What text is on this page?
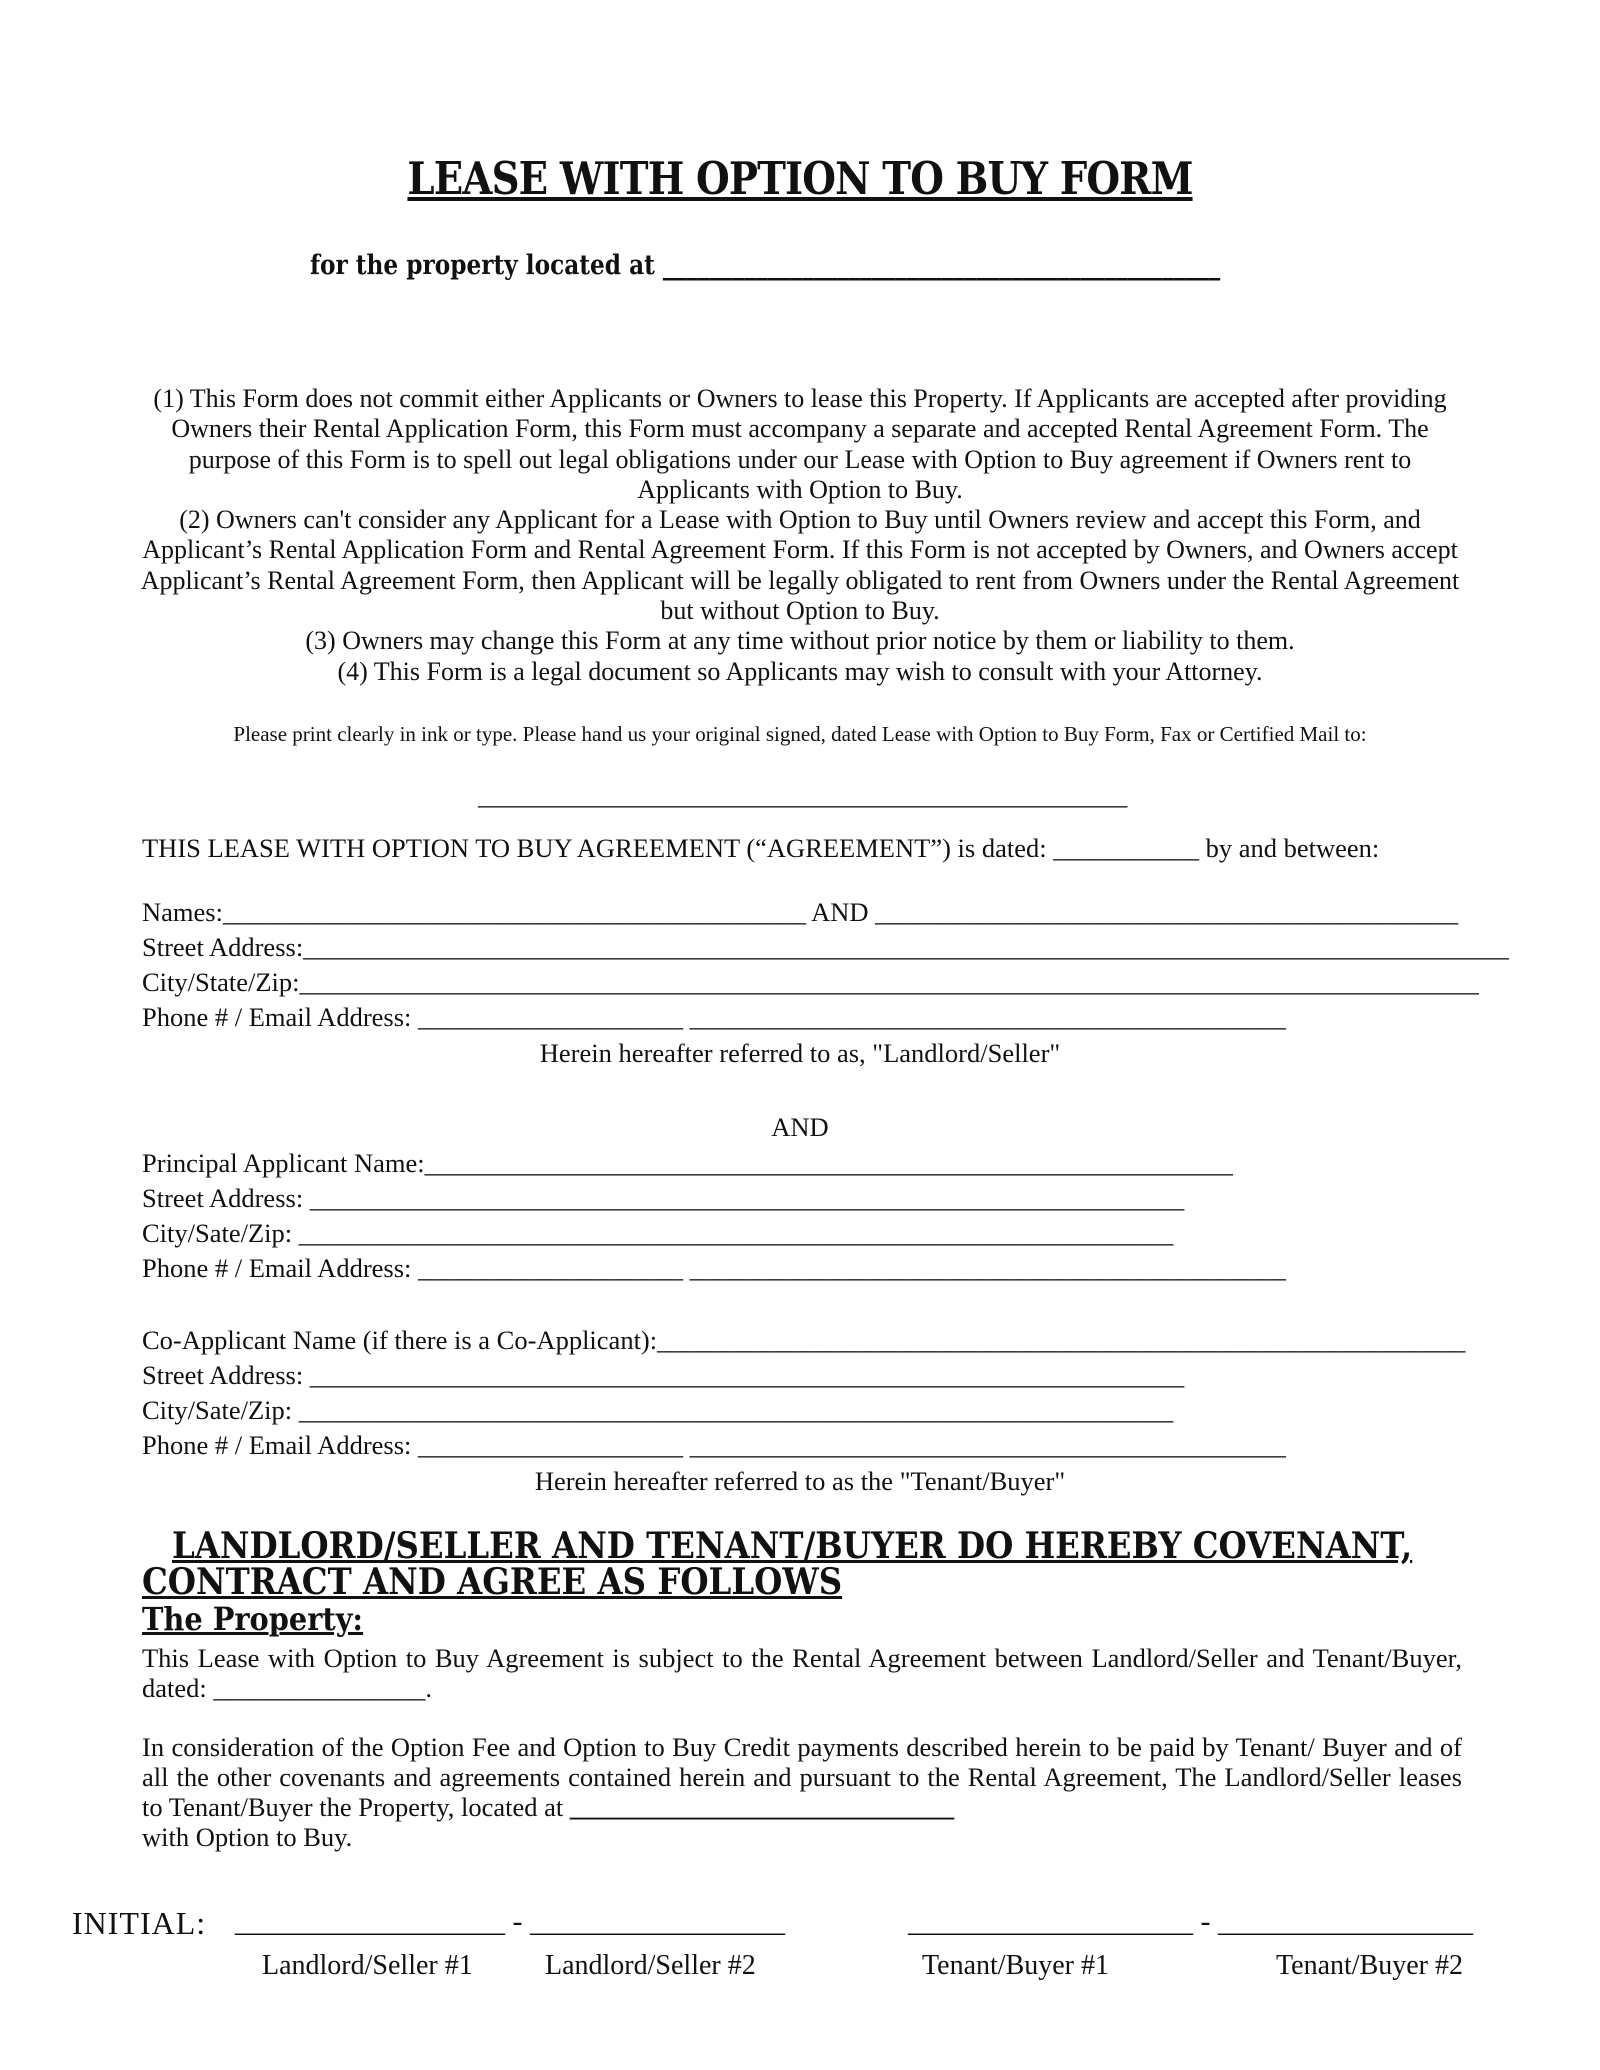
LEASE WITH OPTION TO BUY FORM
for the property located at ________________________________________________

(1) This Form does not commit either Applicants or Owners to lease this Property. If Applicants are accepted after providing Owners their Rental Application Form, this Form must accompany a separate and accepted Rental Agreement Form. The purpose of this Form is to spell out legal obligations under our Lease with Option to Buy agreement if Owners rent to Applicants with Option to Buy.

(2) Owners can't consider any Applicant for a Lease with Option to Buy until Owners review and accept this Form, and Applicant’s Rental Application Form and Rental Agreement Form. If this Form is not accepted by Owners, and Owners accept Applicant’s Rental Agreement Form, then Applicant will be legally obligated to rent from Owners under the Rental Agreement but without Option to Buy.

(3) Owners may change this Form at any time without prior notice by them or liability to them.

(4) This Form is a legal document so Applicants may wish to consult with your Attorney.

Please print clearly in ink or type. Please hand us your original signed, dated Lease with Option to Buy Form, Fax or Certified Mail to:
_________________________________________________
THIS LEASE WITH OPTION TO BUY AGREEMENT (“AGREEMENT”) is dated: ___________ by and between:
Names:____________________________________________ AND ____________________________________________
Street Address:___________________________________________________________________________________________
City/State/Zip:_________________________________________________________________________________________
Phone # / Email Address: ____________________ _____________________________________________
Herein hereafter referred to as, "Landlord/Seller"
AND
Principal Applicant Name:_____________________________________________________________
Street Address: __________________________________________________________________
City/Sate/Zip: __________________________________________________________________
Phone # / Email Address: ____________________ _____________________________________________
Co-Applicant Name (if there is a Co-Applicant):_____________________________________________________________
Street Address: __________________________________________________________________
City/Sate/Zip: __________________________________________________________________
Phone # / Email Address: ____________________ _____________________________________________
Herein hereafter referred to as the "Tenant/Buyer"
LANDLORD/SELLER AND TENANT/BUYER DO HEREBY COVENANT,
CONTRACT AND AGREE AS FOLLOWS
The Property:

This Lease with Option to Buy Agreement is subject to the Rental Agreement between Landlord/Seller and Tenant/Buyer, dated: ________________.

In consideration of the Option Fee and Option to Buy Credit payments described herein to be paid by Tenant/ Buyer and of all the other covenants and agreements contained herein and pursuant to the Rental Agreement, The Landlord/Seller leases to Tenant/Buyer the Property, located at _____________________________

with Option to Buy.

INITIAL: __________________ - _________________	___________________ - _________________
Landlord/Seller #1	Landlord/Seller #2	Tenant/Buyer #1	Tenant/Buyer #2
